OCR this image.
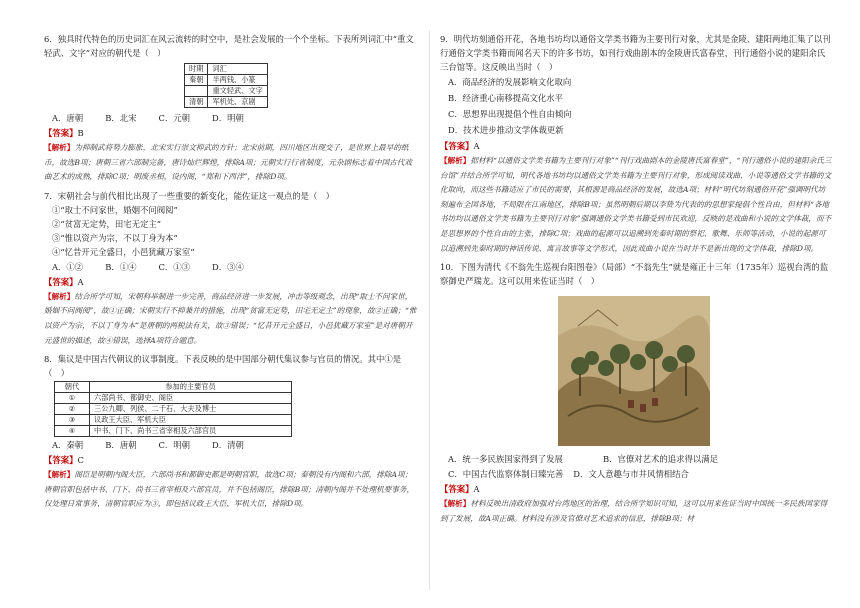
6．独具时代特色的历史词汇在风云流转的时空中，是社会发展的一个个坐标。下表所列词汇中“重文轻武、文字”对应的朝代是（　）

时期	词汇
秦朝	半两钱、小篆
	重文轻武、文字
清朝	军机处、京剧
A．唐朝	B．北宋	C．元朝	D．明朝

【答案】B

【解析】为抑制武将势力膨胀，北宋实行崇文抑武的方针；北宋前期，四川地区出现交子，是世界上最早的纸币，故选B项；唐朝三省六部制完备，唐诗灿烂辉煌，排除A项；元朝实行行省制度，元杂剧标志着中国古代戏曲艺术的成熟，排除C项；明废丞相，设内阁，“郑和下西洋”，排除D项。

7．宋朝社会与前代相比出现了一些重要的新变化，能佐证这一观点的是（　）

①“取士不问家世，婚姻不问阀阅”
②“贫富无定势，田宅无定主”
③“惟以资产为宗，不以丁身为本”
④“忆昔开元全盛日，小邑犹藏万家室”
A．①②	B．①④	C．①③	D．③④

【答案】A

【解析】结合所学可知，宋朝科举制进一步完善，商品经济进一步发展，冲击等级观念，出现“取士不问家世，婚姻不问阀阅”，故①正确；宋朝实行不抑兼并的措施，出现“贫富无定势，田宅无定主”的现象，故②正确；“惟以资产为宗，不以丁身为本”是唐朝的两税法有关，故③错误；“忆昔开元全盛日，小邑犹藏万家室”是对唐朝开元盛世的描述，故④错误，选择A项符合题意。

8．集议是中国古代朝议的议事制度。下表反映的是中国部分朝代集议参与官员的情况。其中①是（　）

朝代	参加的主要官员
①	六部尚书、都御史、阁臣
②	三公九卿、列侯、二千石、大夫及博士
③	议政王大臣、军机大臣
④	中书、门下、尚书三省宰相及六部官员
A．秦朝	B．唐朝	C．明朝	D．清朝

【答案】C

【解析】阁臣是明朝内阁大臣，六部尚书和都御史都是明朝官职，故选C项；秦朝没有内阁和六部，排除A项；唐朝官职包括中书、门下、尚书三省宰相及六部官员，并不包括阁臣，排除B项；清朝内阁并不处理机要事务，仅处理日常事务，清朝官职应为③，即包括议政王大臣、军机大臣，排除D项。

9．明代坊刻通俗开花，各地书坊均以通俗文学类书籍为主要刊行对象，尤其是金陵、建阳两地汇集了以刊行通俗文学类书籍而闻名天下的许多书坊，如刊行戏曲剧本的金陵唐氏富春堂，刊行通俗小说的建阳余氏三台馆等。这反映出当时（　）

A．商品经济的发展影响文化取向

B．经济重心南移提高文化水平

C．思想界出现提倡个性自由倾向

D．技术进步推动文学体裁更新

【答案】A

【解析】据材料“以通俗文学类书籍为主要刊行对象”“刊行戏曲剧本的金陵唐氏富春堂”，“刊行通俗小说的建阳余氏三台馆”并结合所学可知，明代各地书坊均以通俗文学类书籍为主要刊行对象，形成阅读戏曲、小说等通俗文学书籍的文化取向，而这些书籍适应了市民的需要，其根源是商品经济的发展，故选A项；材料“明代坊刻通俗开花”强调明代坊刻遍布全国各地，不局限在江南地区，排除B项；虽然明朝后期以李贽为代表的的思想家提倡个性自由，但材料“各地书坊均以通俗文学类书籍为主要刊行对象”强调通俗文学类书籍受到市民欢迎，反映的是戏曲和小说的文学体裁，而不是思想界的个性自由的主张，排除C项；戏曲的起源可以追溯到先秦时期的祭祀、歌舞、乐师等活动，小说的起源可以追溯到先秦时期的神话传说、寓言故事等文学形式，因此戏曲小说在当时并不是新出现的文学体裁，排除D项。

10．下图为清代《不翁先生巡视台阳图卷》（局部）“不翁先生”就是雍正十三年（1735年）巡视台湾的监察御史严瑞龙。这可以用来佐证当时（　）

A．统一多民族国家得到了发展	B．官僚对艺术的追求得以满足
C．中国古代监察体制日臻完善 D．文人意趣与市井风情相结合

【答案】A

【解析】材料反映出清政府加强对台湾地区的治理，结合所学知识可知，这可以用来佐证当时中国统一多民族国家得到了发展，故A项正确。材料没有涉及官僚对艺术追求的信息，排除B项；材
